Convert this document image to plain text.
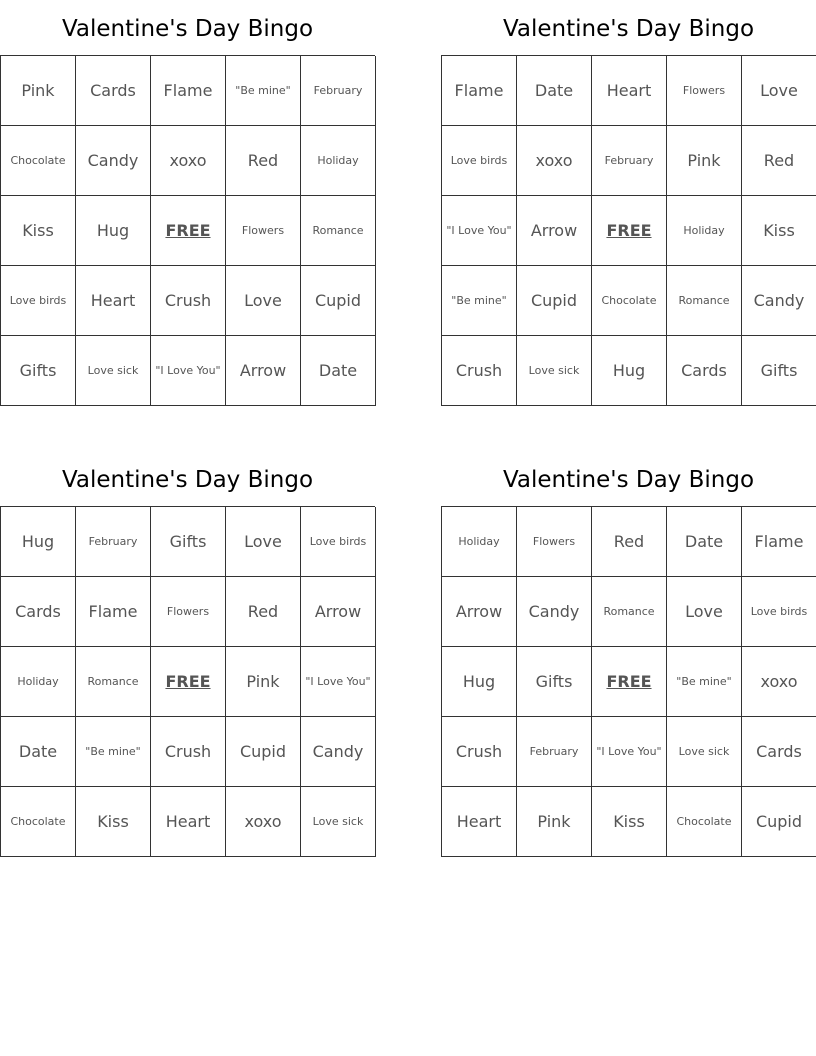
Valentine's Day Bingo
Pink	Cards	Flame	"Be mine"	February
Chocolate	Candy	xoxo	Red	Holiday
Kiss	Hug	FREE	Flowers	Romance
Love birds	Heart	Crush	Love	Cupid
Gifts	Love sick	"I Love You"	Arrow	Date
Valentine's Day Bingo
Flame	Date	Heart	Flowers	Love
Love birds	xoxo	February	Pink	Red
"I Love You"	Arrow	FREE	Holiday	Kiss
"Be mine"	Cupid	Chocolate	Romance	Candy
Crush	Love sick	Hug	Cards	Gifts
Valentine's Day Bingo
Hug	February	Gifts	Love	Love birds
Cards	Flame	Flowers	Red	Arrow
Holiday	Romance	FREE	Pink	"I Love You"
Date	"Be mine"	Crush	Cupid	Candy
Chocolate	Kiss	Heart	xoxo	Love sick
Valentine's Day Bingo
Holiday	Flowers	Red	Date	Flame
Arrow	Candy	Romance	Love	Love birds
Hug	Gifts	FREE	"Be mine"	xoxo
Crush	February	"I Love You"	Love sick	Cards
Heart	Pink	Kiss	Chocolate	Cupid
